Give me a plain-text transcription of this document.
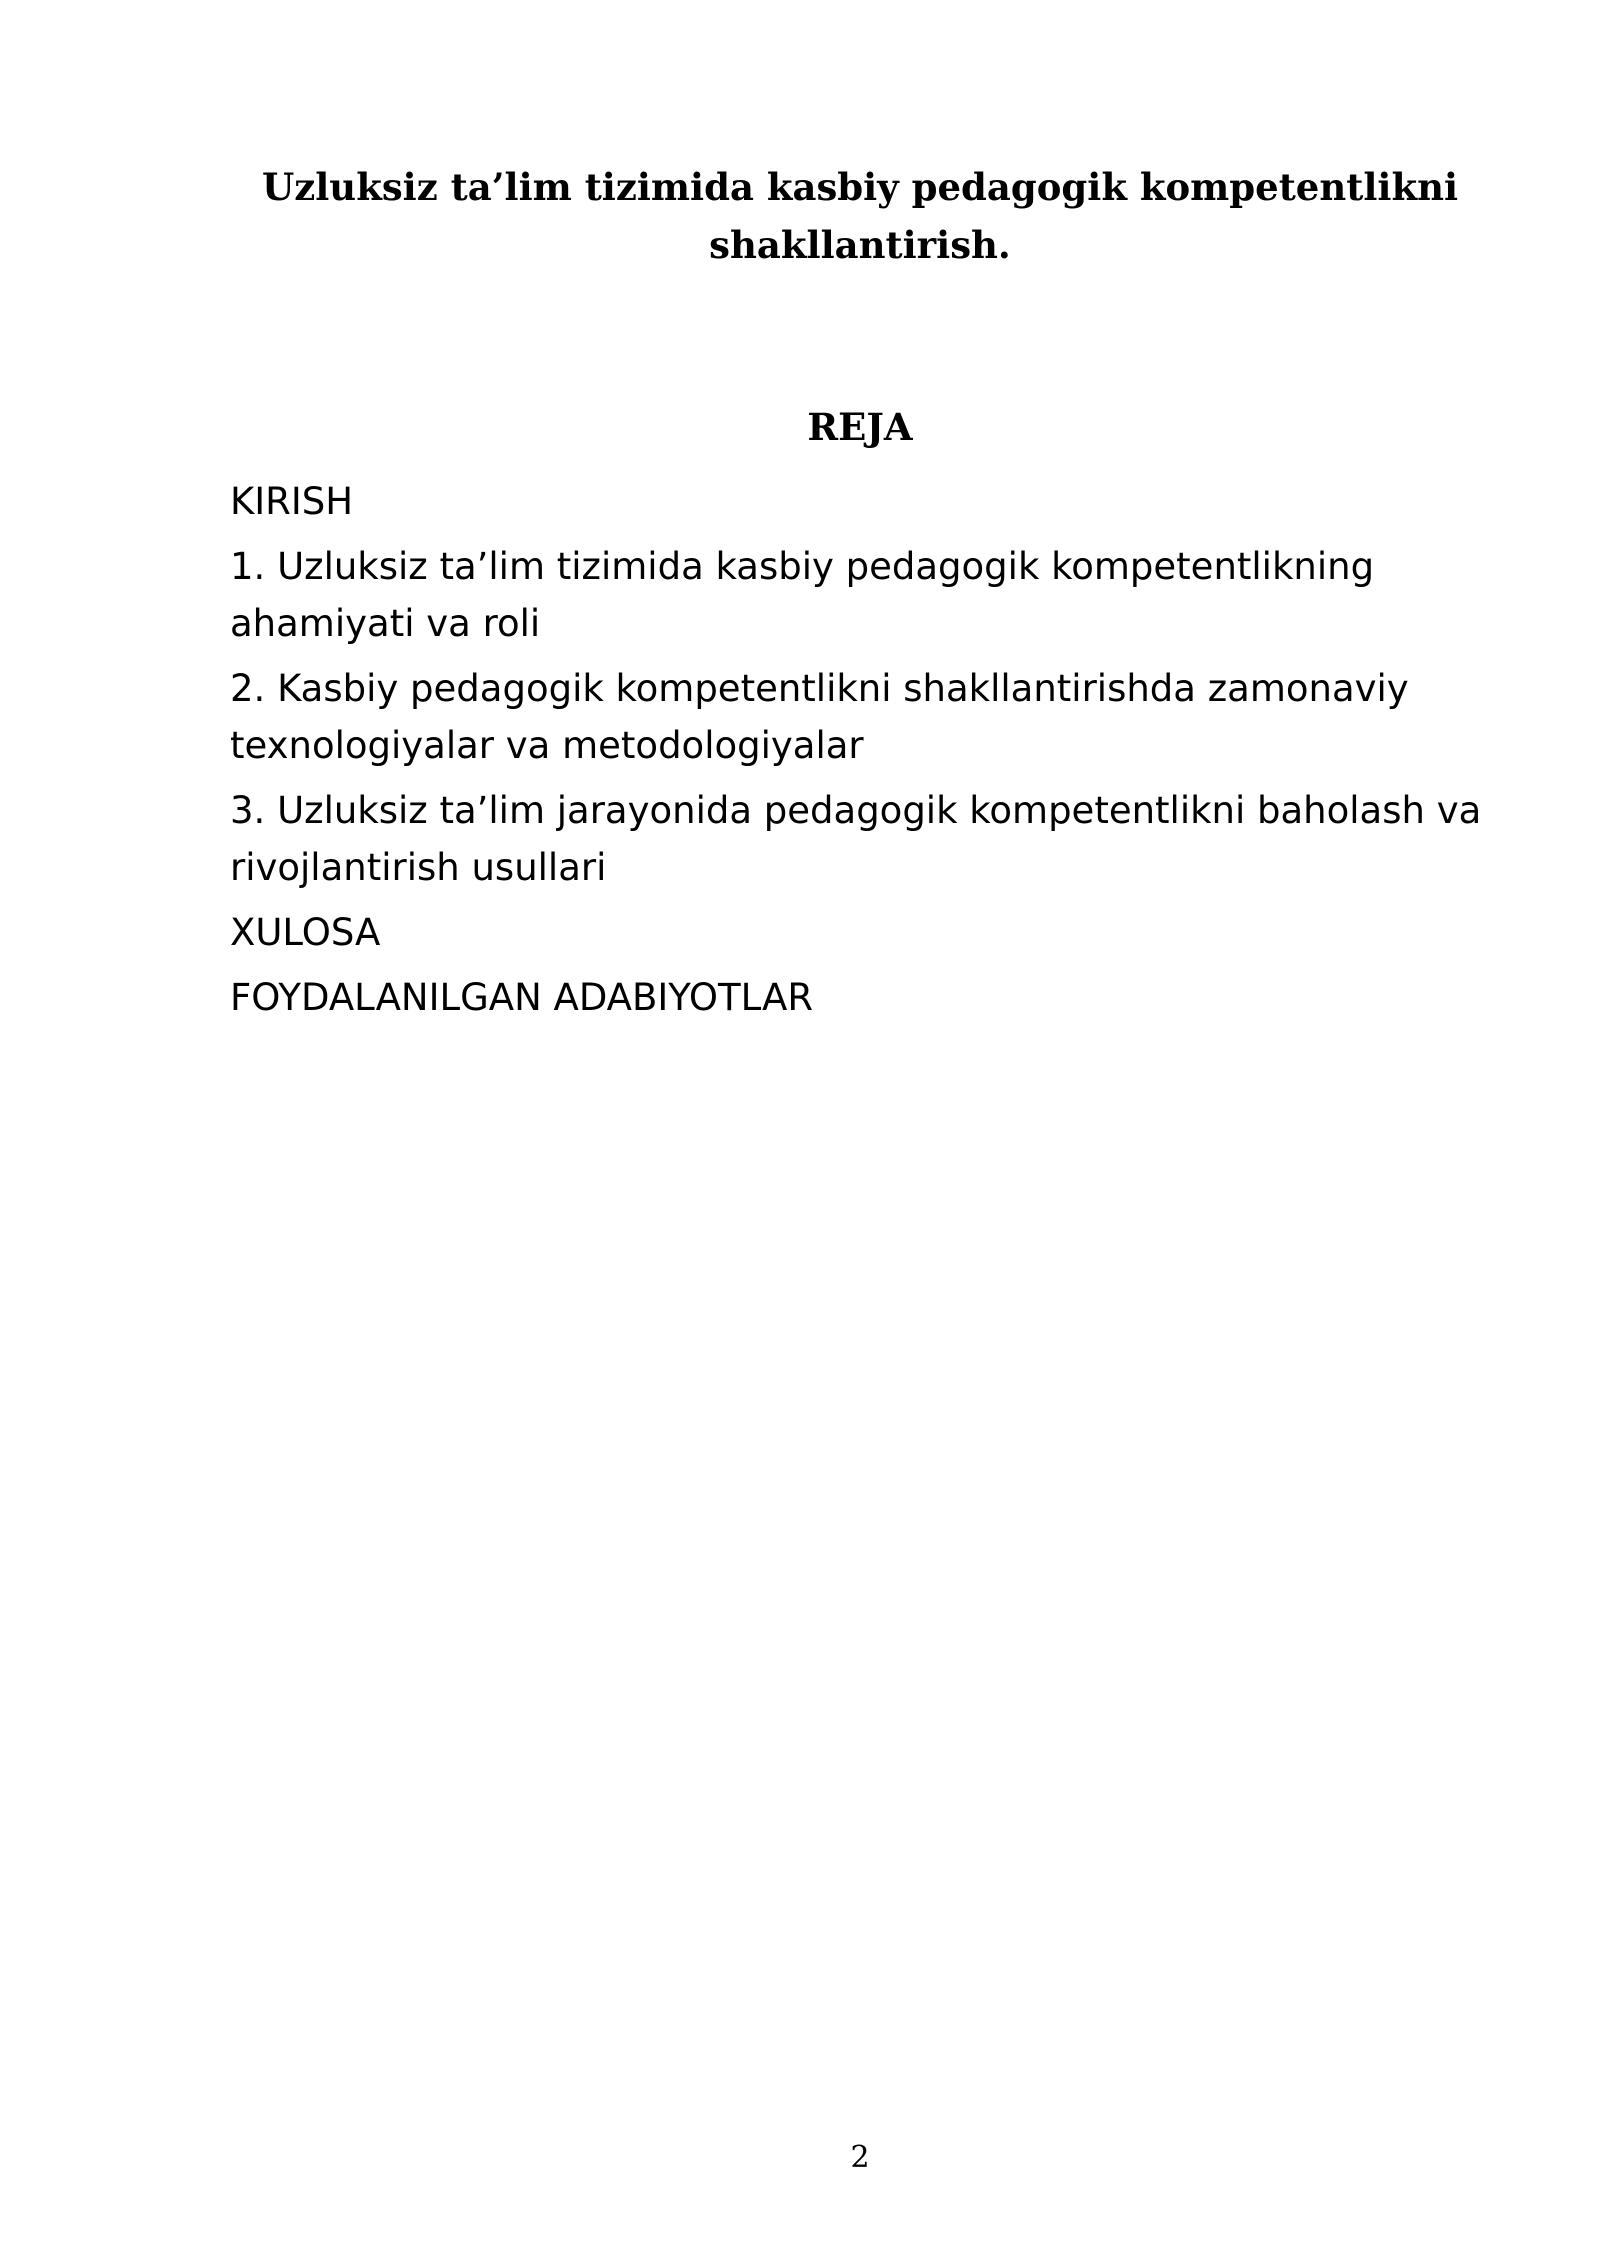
Uzluksiz ta’lim tizimida kasbiy pedagogik kompetentlikni shakllantirish.
REJA
KIRISH
1. Uzluksiz ta’lim tizimida kasbiy pedagogik kompetentlikning ahamiyati va roli
2. Kasbiy pedagogik kompetentlikni shakllantirishda zamonaviy texnologiyalar va metodologiyalar
3. Uzluksiz ta’lim jarayonida pedagogik kompetentlikni baholash va rivojlantirish usullari
XULOSA
FOYDALANILGAN ADABIYOTLAR
2
